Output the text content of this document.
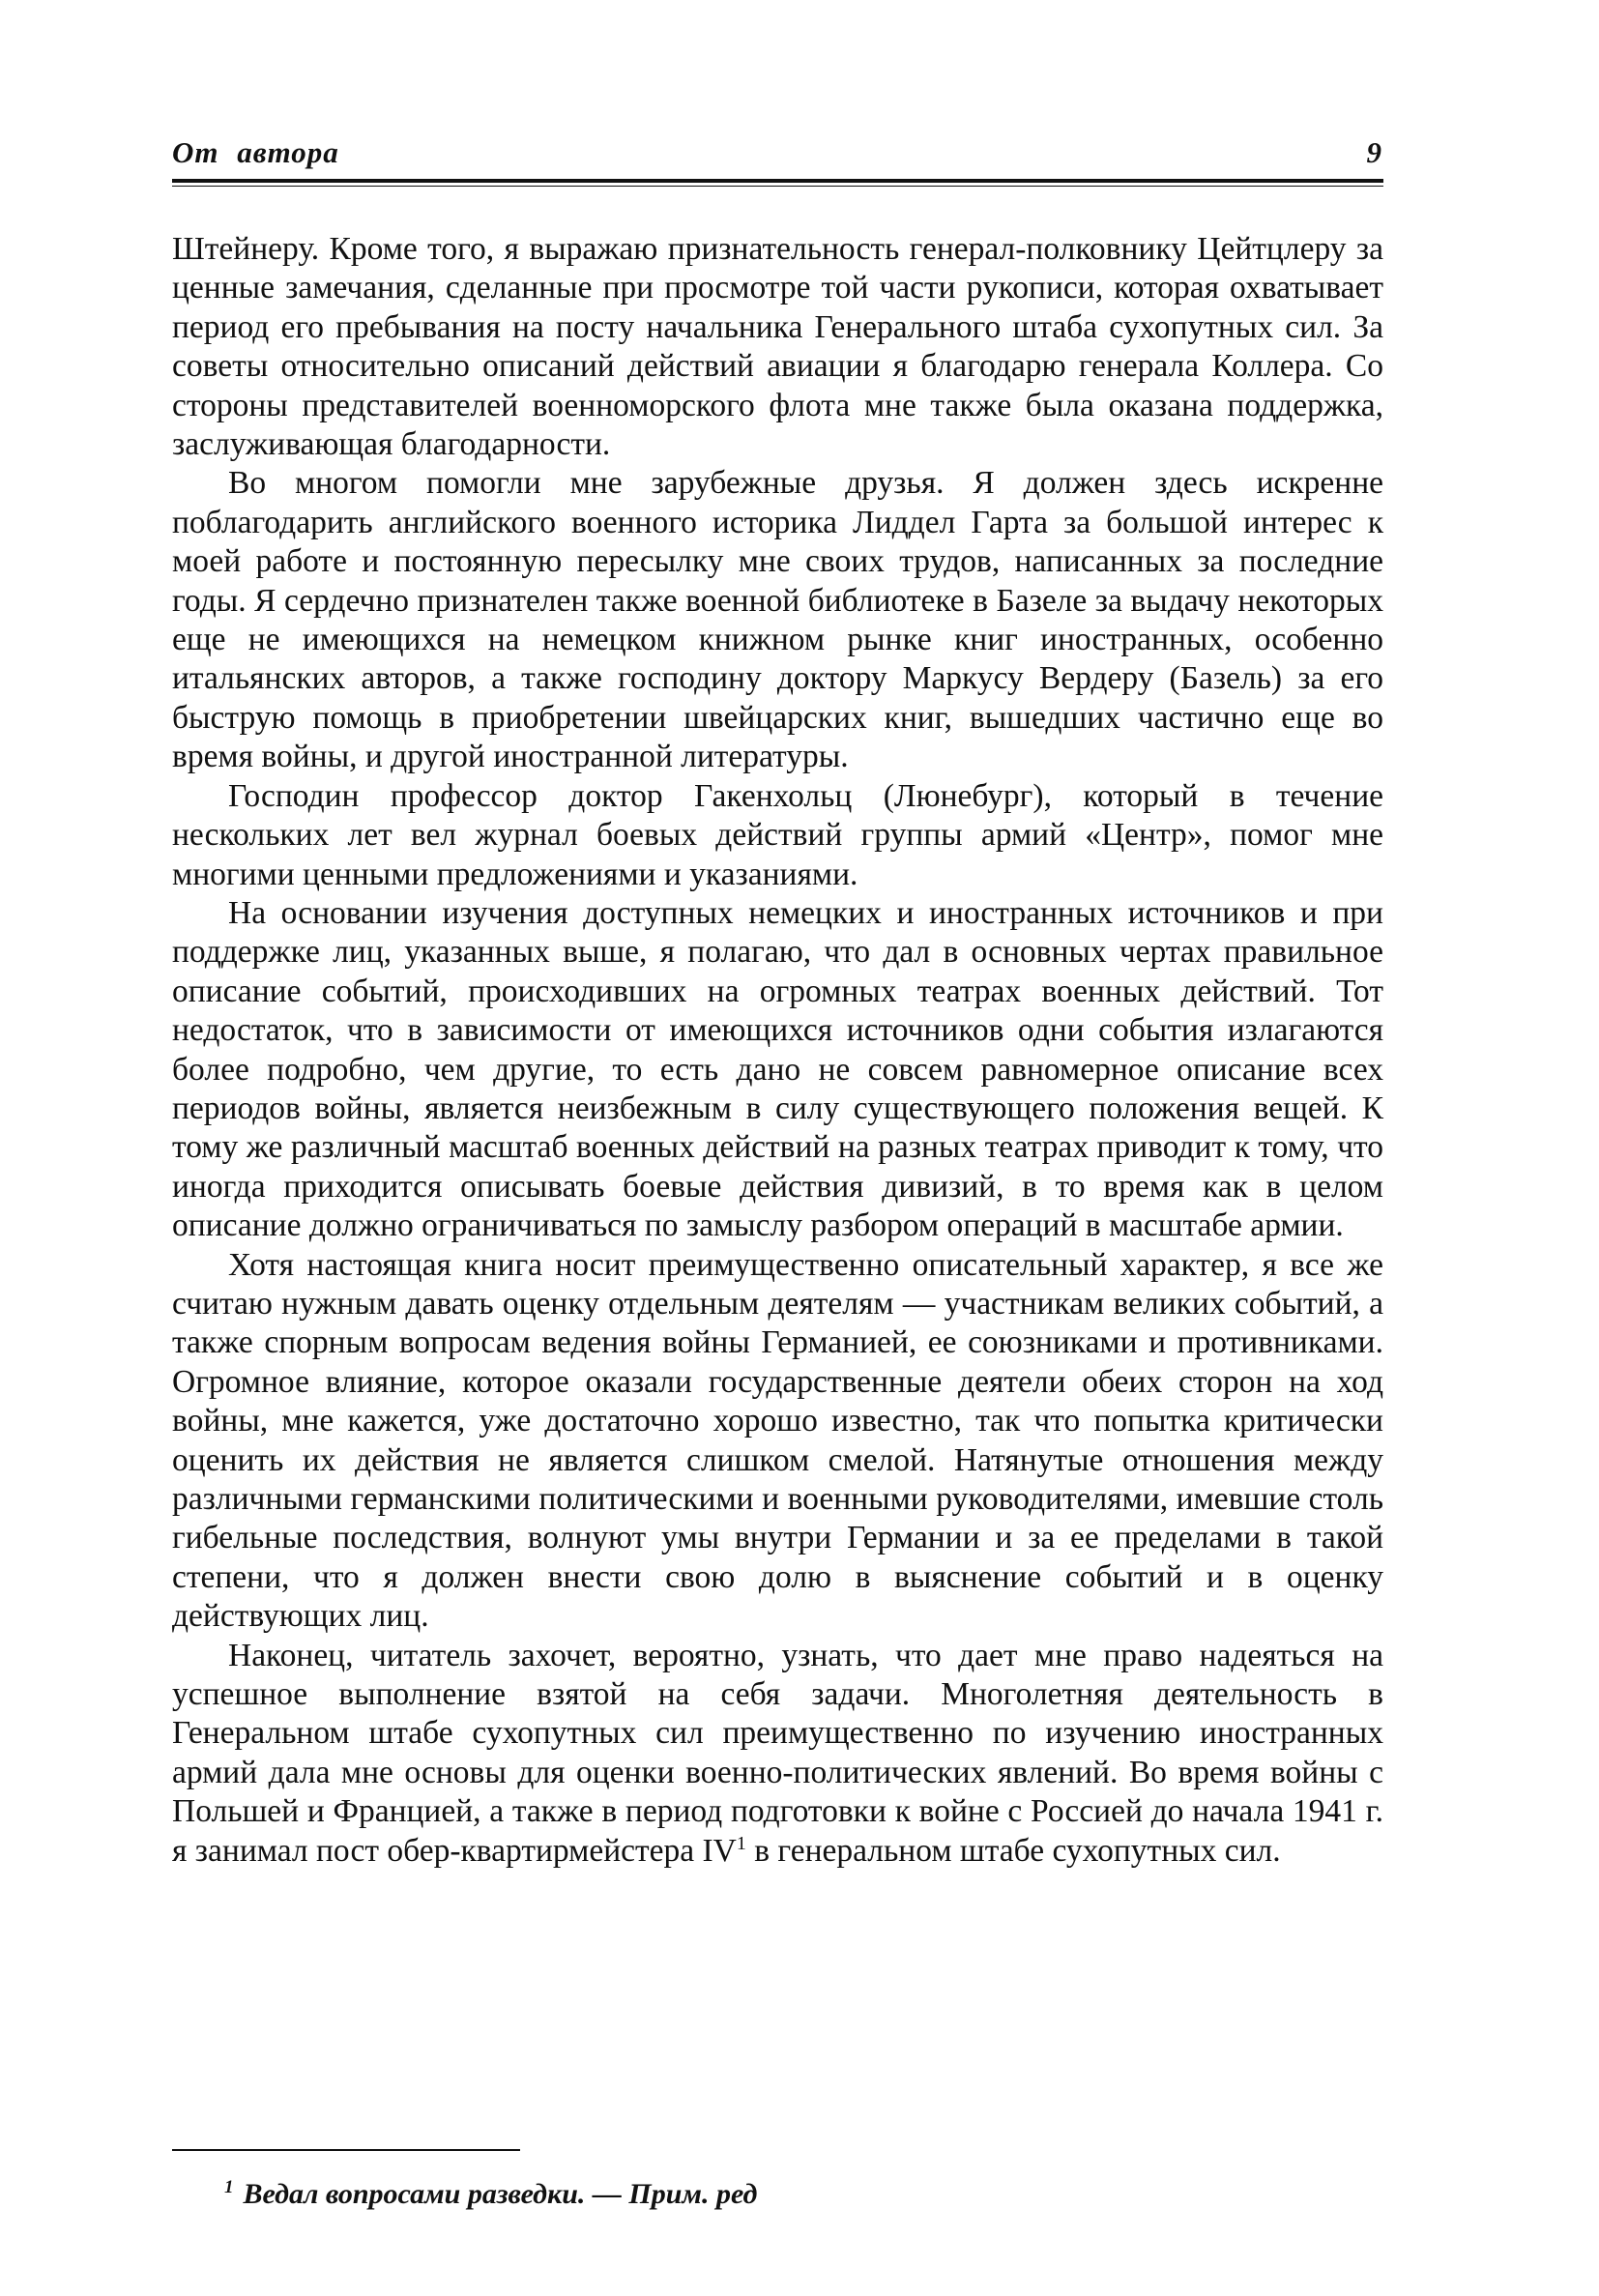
От автора	9

Штейнеру. Кроме того, я выражаю признательность генерал-полковнику Цейтцлеру за ценные замечания, сделанные при просмотре той части рукописи, которая охватывает период его пребывания на посту начальника Генерального штаба сухопутных сил. За советы относительно описаний действий авиации я благодарю генерала Коллера. Со стороны представителей военноморского флота мне также была оказана поддержка, заслуживающая благодарности.

Во многом помогли мне зарубежные друзья. Я должен здесь искренне поблагодарить английского военного историка Лиддел Гарта за большой интерес к моей работе и постоянную пересылку мне своих трудов, написанных за последние годы. Я сердечно признателен также военной библиотеке в Базеле за выдачу некоторых еще не имеющихся на немецком книжном рынке книг иностранных, особенно итальянских авторов, а также господину доктору Маркусу Вердеру (Базель) за его быструю помощь в приобретении швейцарских книг, вышедших частично еще во время войны, и другой иностранной литературы.

Господин профессор доктор Гакенхольц (Люнебург), который в течение нескольких лет вел журнал боевых действий группы армий «Центр», помог мне многими ценными предложениями и указаниями.

На основании изучения доступных немецких и иностранных источников и при поддержке лиц, указанных выше, я полагаю, что дал в основных чертах правильное описание событий, происходивших на огромных театрах военных действий. Тот недостаток, что в зависимости от имеющихся источников одни события излагаются более подробно, чем другие, то есть дано не совсем равномерное описание всех периодов войны, является неизбежным в силу существующего положения вещей. К тому же различный масштаб военных действий на разных театрах приводит к тому, что иногда приходится описывать боевые действия дивизий, в то время как в целом описание должно ограничиваться по замыслу разбором операций в масштабе армии.

Хотя настоящая книга носит преимущественно описательный характер, я все же считаю нужным давать оценку отдельным деятелям — участникам великих событий, а также спорным вопросам ведения войны Германией, ее союзниками и противниками. Огромное влияние, которое оказали государственные деятели обеих сторон на ход войны, мне кажется, уже достаточно хорошо известно, так что попытка критически оценить их действия не является слишком смелой. Натянутые отношения между различными германскими политическими и военными руководителями, имевшие столь гибельные последствия, волнуют умы внутри Германии и за ее пределами в такой степени, что я должен внести свою долю в выяснение событий и в оценку действующих лиц.

Наконец, читатель захочет, вероятно, узнать, что дает мне право надеяться на успешное выполнение взятой на себя задачи. Многолетняя деятельность в Генеральном штабе сухопутных сил преимущественно по изучению иностранных армий дала мне основы для оценки военно-политических явлений. Во время войны с Польшей и Францией, а также в период подготовки к войне с Россией до начала 1941 г. я занимал пост обер-квартирмейстера $IV^1$ в генеральном штабе сухопутных сил.

$^1$ Ведал вопросами разведки. — Прим. ред
